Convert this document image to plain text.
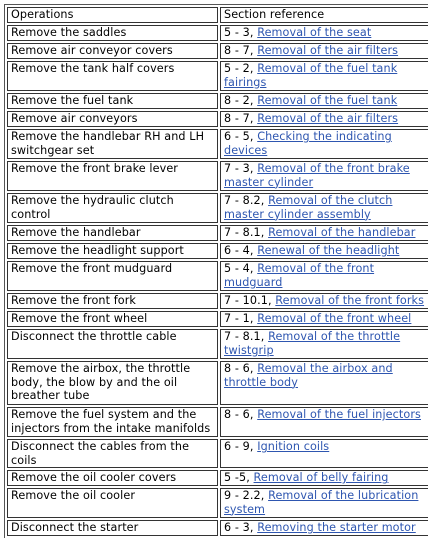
Operations	Section reference
Remove the saddles	5 - 3, Removal of the seat
Remove air conveyor covers	8 - 7, Removal of the air filters
Remove the tank half covers	5 - 2, Removal of the fuel tank fairings
Remove the fuel tank	8 - 2, Removal of the fuel tank
Remove air conveyors	8 - 7, Removal of the air filters
Remove the handlebar RH and LH switchgear set	6 - 5, Checking the indicating devices
Remove the front brake lever	7 - 3, Removal of the front brake master cylinder
Remove the hydraulic clutch control	7 - 8.2, Removal of the clutch master cylinder assembly
Remove the handlebar	7 - 8.1, Removal of the handlebar
Remove the headlight support	6 - 4, Renewal of the headlight
Remove the front mudguard	5 - 4, Removal of the front mudguard
Remove the front fork	7 - 10.1, Removal of the front forks
Remove the front wheel	7 - 1, Removal of the front wheel
Disconnect the throttle cable	7 - 8.1, Removal of the throttle twistgrip
Remove the airbox, the throttle body, the blow by and the oil breather tube	8 - 6, Removal the airbox and throttle body
Remove the fuel system and the injectors from the intake manifolds	8 - 6, Removal of the fuel injectors
Disconnect the cables from the coils	6 - 9, Ignition coils
Remove the oil cooler covers	5 -5, Removal of belly fairing
Remove the oil cooler	9 - 2.2, Removal of the lubrication system
Disconnect the starter	6 - 3, Removing the starter motor
